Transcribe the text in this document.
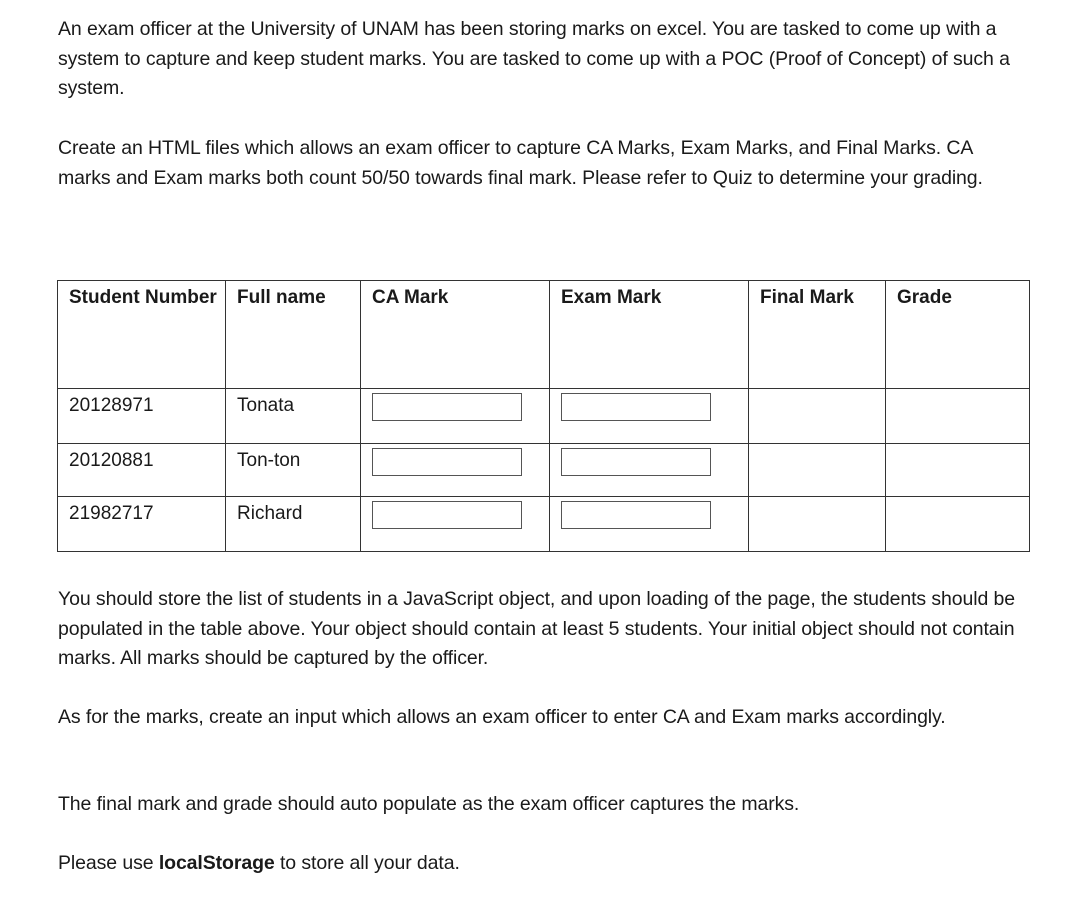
An exam officer at the University of UNAM has been storing marks on excel. You are tasked to come up with a system to capture and keep student marks. You are tasked to come up with a POC (Proof of Concept) of such a system.

Create an HTML files which allows an exam officer to capture CA Marks, Exam Marks, and Final Marks. CA marks and Exam marks both count 50/50 towards final mark. Please refer to Quiz to determine your grading.

Student Number	Full name	CA Mark	Exam Mark	Final Mark	Grade
20128971	Tonata				
20120881	Ton-ton				
21982717	Richard				

You should store the list of students in a JavaScript object, and upon loading of the page, the students should be populated in the table above. Your object should contain at least 5 students. Your initial object should not contain marks. All marks should be captured by the officer.

As for the marks, create an input which allows an exam officer to enter CA and Exam marks accordingly.

The final mark and grade should auto populate as the exam officer captures the marks.

Please use localStorage to store all your data.
